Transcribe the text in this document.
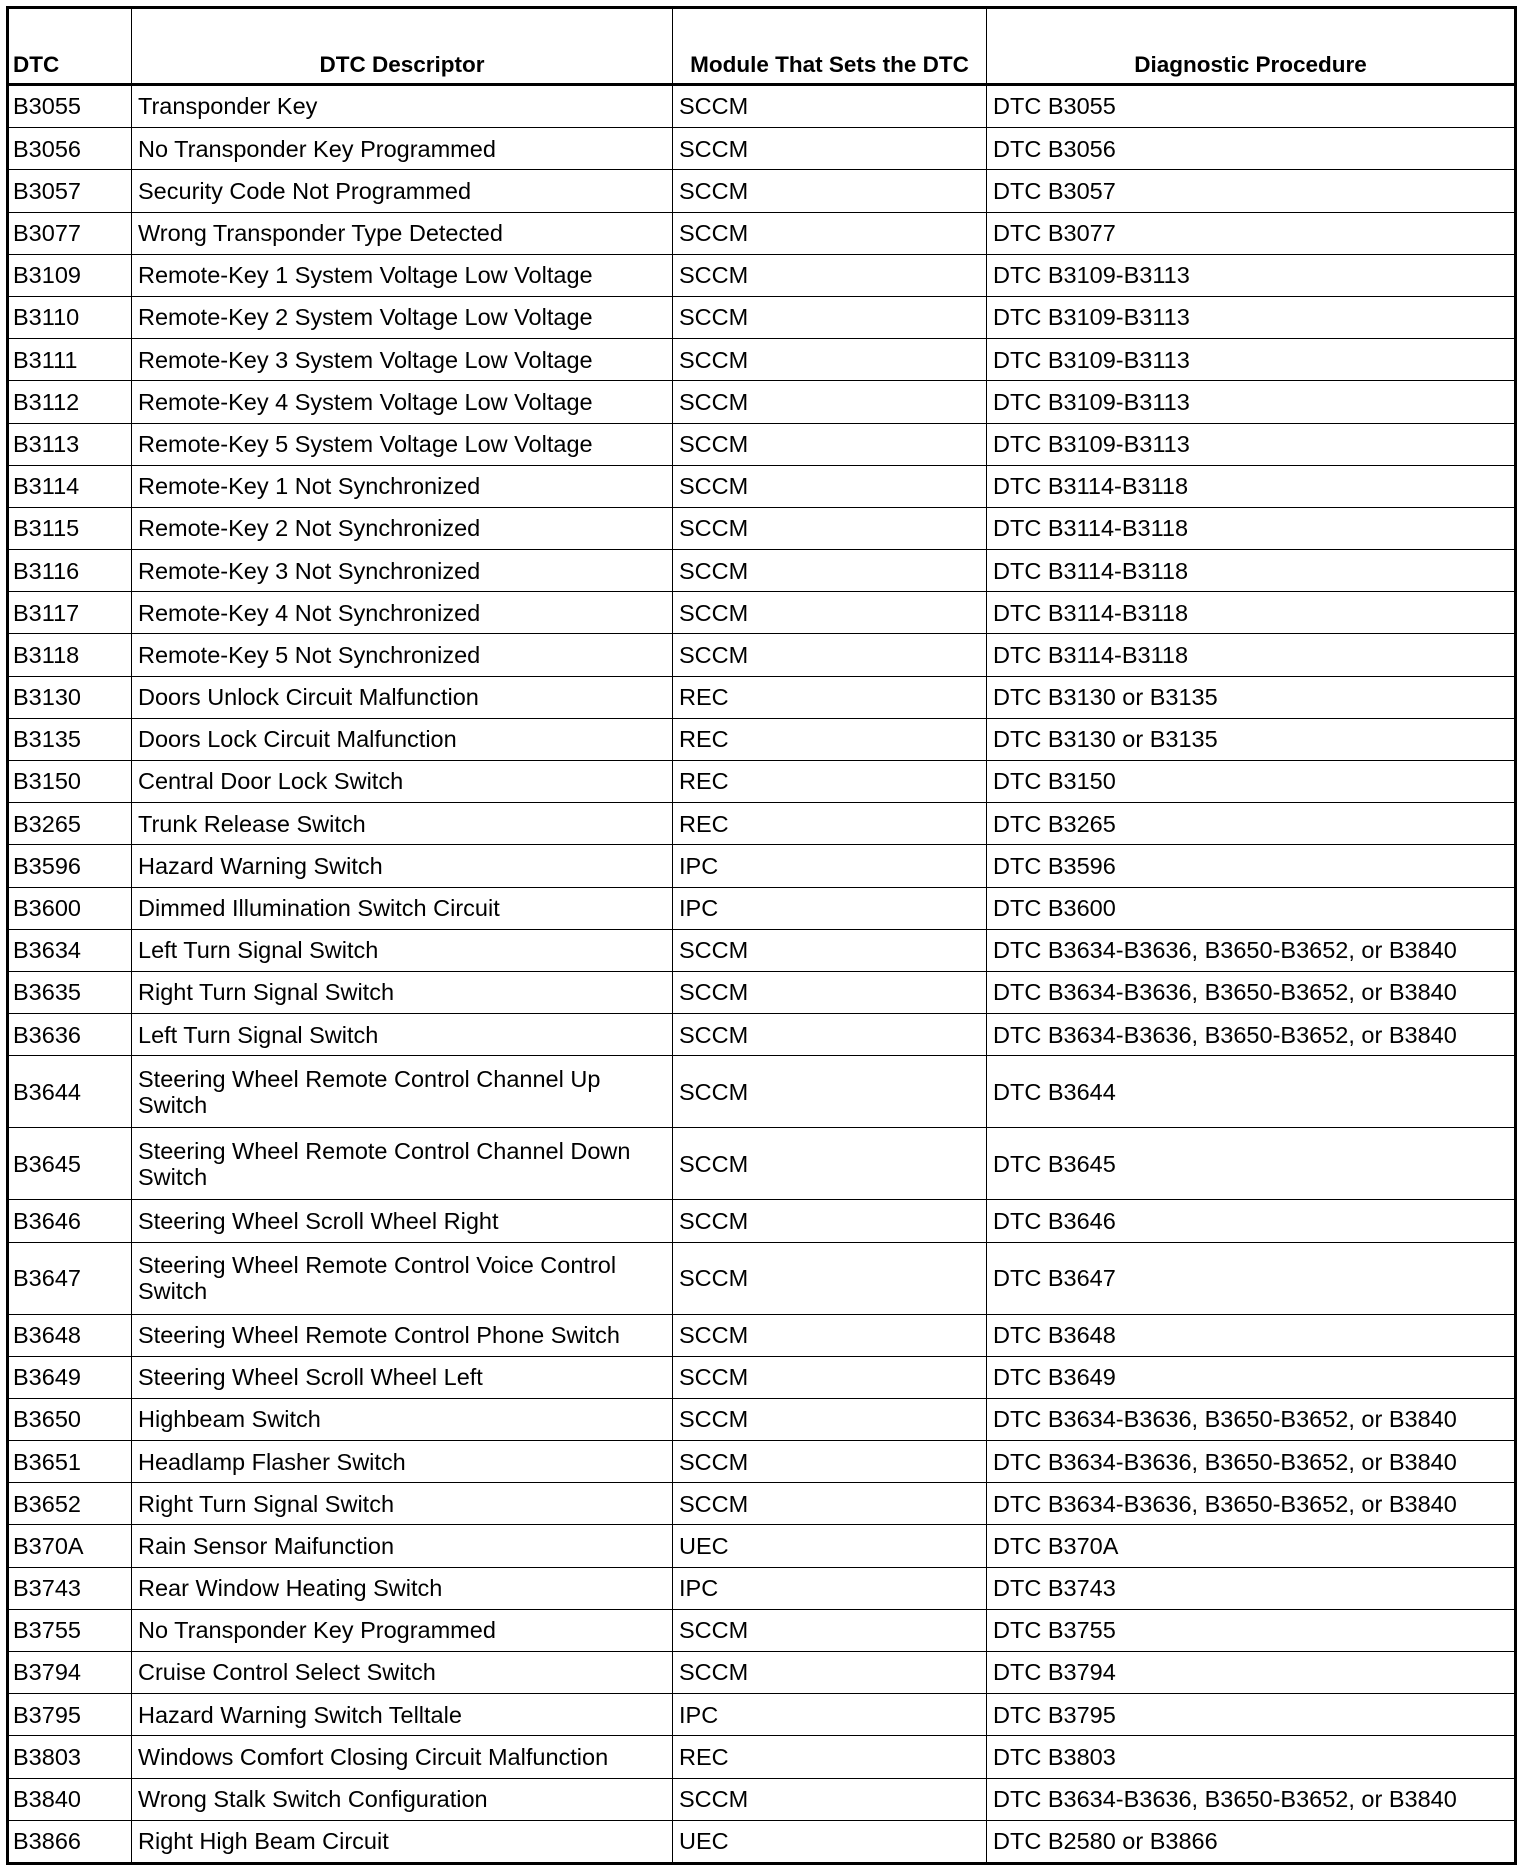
DTC	DTC Descriptor	Module That Sets the DTC	Diagnostic Procedure
B3055	Transponder Key	SCCM	DTC B3055
B3056	No Transponder Key Programmed	SCCM	DTC B3056
B3057	Security Code Not Programmed	SCCM	DTC B3057
B3077	Wrong Transponder Type Detected	SCCM	DTC B3077
B3109	Remote-Key 1 System Voltage Low Voltage	SCCM	DTC B3109-B3113
B3110	Remote-Key 2 System Voltage Low Voltage	SCCM	DTC B3109-B3113
B3111	Remote-Key 3 System Voltage Low Voltage	SCCM	DTC B3109-B3113
B3112	Remote-Key 4 System Voltage Low Voltage	SCCM	DTC B3109-B3113
B3113	Remote-Key 5 System Voltage Low Voltage	SCCM	DTC B3109-B3113
B3114	Remote-Key 1 Not Synchronized	SCCM	DTC B3114-B3118
B3115	Remote-Key 2 Not Synchronized	SCCM	DTC B3114-B3118
B3116	Remote-Key 3 Not Synchronized	SCCM	DTC B3114-B3118
B3117	Remote-Key 4 Not Synchronized	SCCM	DTC B3114-B3118
B3118	Remote-Key 5 Not Synchronized	SCCM	DTC B3114-B3118
B3130	Doors Unlock Circuit Malfunction	REC	DTC B3130 or B3135
B3135	Doors Lock Circuit Malfunction	REC	DTC B3130 or B3135
B3150	Central Door Lock Switch	REC	DTC B3150
B3265	Trunk Release Switch	REC	DTC B3265
B3596	Hazard Warning Switch	IPC	DTC B3596
B3600	Dimmed Illumination Switch Circuit	IPC	DTC B3600
B3634	Left Turn Signal Switch	SCCM	DTC B3634-B3636, B3650-B3652, or B3840
B3635	Right Turn Signal Switch	SCCM	DTC B3634-B3636, B3650-B3652, or B3840
B3636	Left Turn Signal Switch	SCCM	DTC B3634-B3636, B3650-B3652, or B3840
B3644	Steering Wheel Remote Control Channel Up Switch	SCCM	DTC B3644
B3645	Steering Wheel Remote Control Channel Down Switch	SCCM	DTC B3645
B3646	Steering Wheel Scroll Wheel Right	SCCM	DTC B3646
B3647	Steering Wheel Remote Control Voice Control Switch	SCCM	DTC B3647
B3648	Steering Wheel Remote Control Phone Switch	SCCM	DTC B3648
B3649	Steering Wheel Scroll Wheel Left	SCCM	DTC B3649
B3650	Highbeam Switch	SCCM	DTC B3634-B3636, B3650-B3652, or B3840
B3651	Headlamp Flasher Switch	SCCM	DTC B3634-B3636, B3650-B3652, or B3840
B3652	Right Turn Signal Switch	SCCM	DTC B3634-B3636, B3650-B3652, or B3840
B370A	Rain Sensor Maifunction	UEC	DTC B370A
B3743	Rear Window Heating Switch	IPC	DTC B3743
B3755	No Transponder Key Programmed	SCCM	DTC B3755
B3794	Cruise Control Select Switch	SCCM	DTC B3794
B3795	Hazard Warning Switch Telltale	IPC	DTC B3795
B3803	Windows Comfort Closing Circuit Malfunction	REC	DTC B3803
B3840	Wrong Stalk Switch Configuration	SCCM	DTC B3634-B3636, B3650-B3652, or B3840
B3866	Right High Beam Circuit	UEC	DTC B2580 or B3866
